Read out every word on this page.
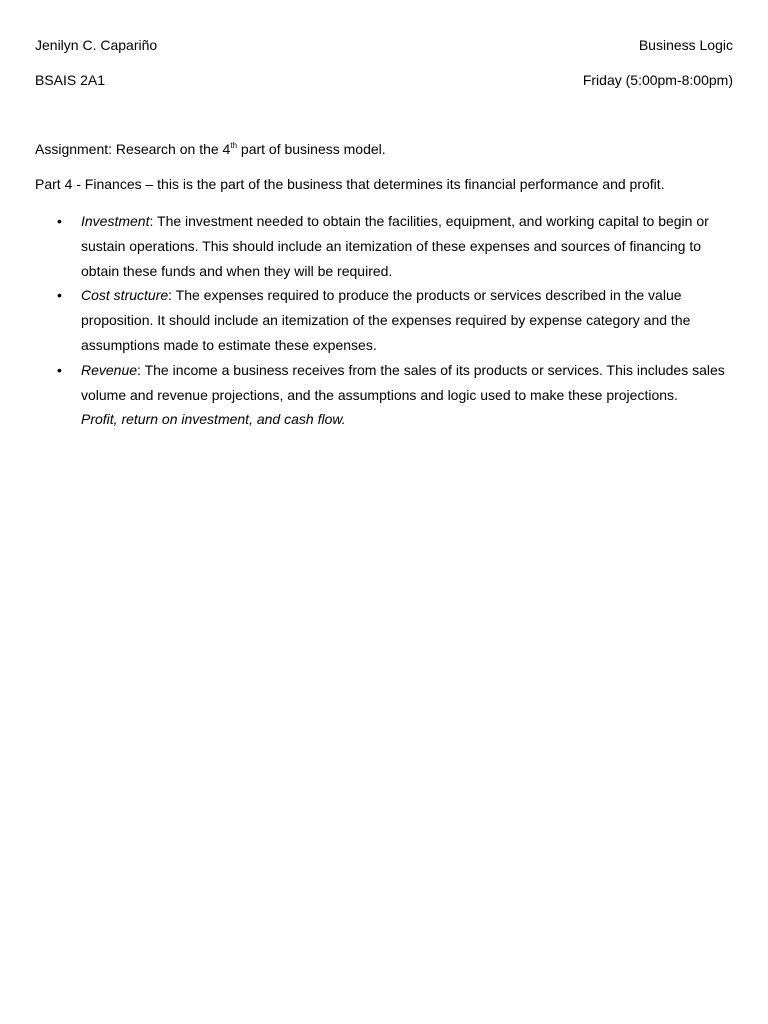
Jenilyn C. Capariño	Business Logic
BSAIS 2A1	Friday (5:00pm-8:00pm)
Assignment: Research on the 4th part of business model.
Part 4 - Finances – this is the part of the business that determines its financial performance and profit.
• Investment: The investment needed to obtain the facilities, equipment, and working capital to begin or sustain operations. This should include an itemization of these expenses and sources of financing to obtain these funds and when they will be required.
• Cost structure: The expenses required to produce the products or services described in the value proposition. It should include an itemization of the expenses required by expense category and the assumptions made to estimate these expenses.
• Revenue: The income a business receives from the sales of its products or services. This includes sales volume and revenue projections, and the assumptions and logic used to make these projections.
Profit, return on investment, and cash flow.
